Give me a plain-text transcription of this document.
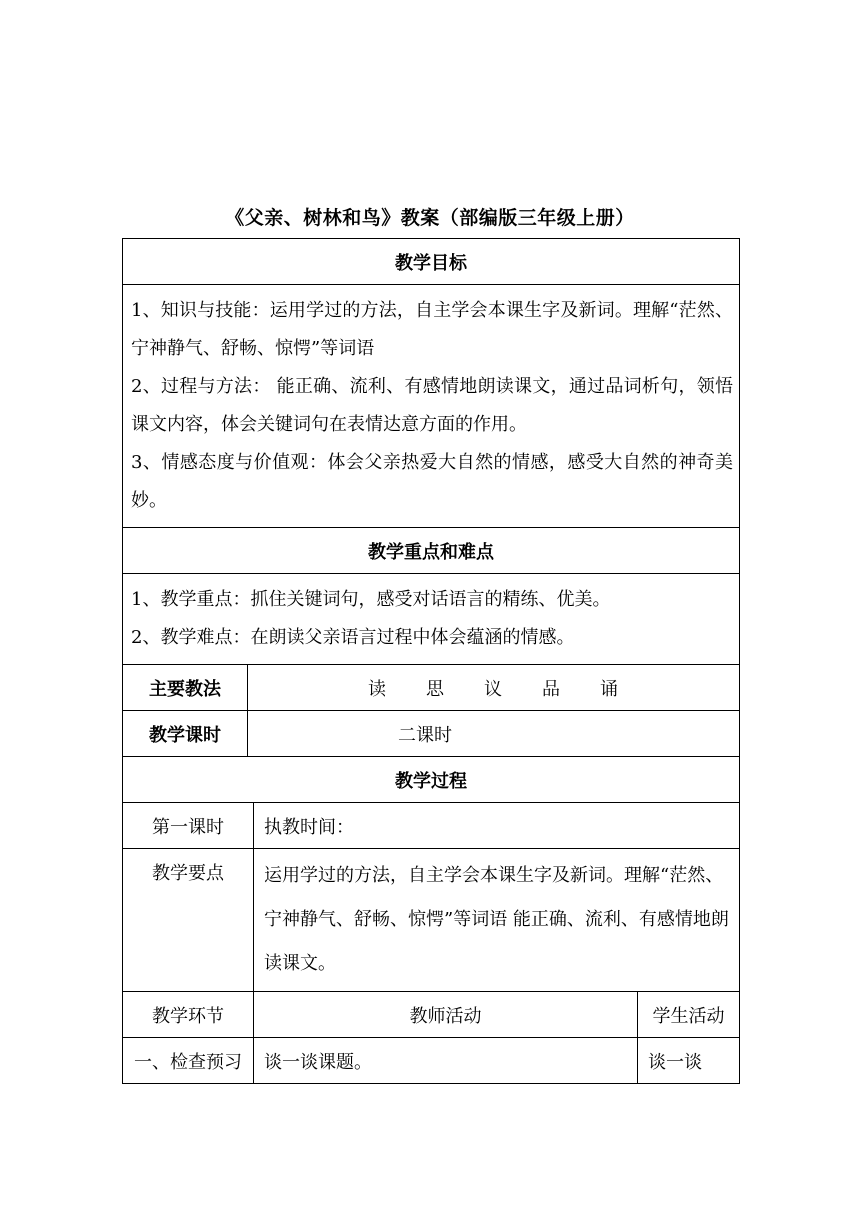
《父亲、树林和鸟》教案（部编版三年级上册）
教学目标			

1、知识与技能：运用学过的方法，自主学会本课生字及新词。理解“茫然、宁神静气、舒畅、惊愕”等词语

2、过程与方法： 能正确、流利、有感情地朗读课文，通过品词析句，领悟课文内容，体会关键词句在表情达意方面的作用。

3、情感态度与价值观：体会父亲热爱大自然的情感，感受大自然的神奇美妙。			

教学重点和难点			

1、教学重点：抓住关键词句，感受对话语言的精练、优美。

2、教学难点：在朗读父亲语言过程中体会蕴涵的情感。			

主要教法	读 思 议 品 诵		
教学课时	二课时		
教学过程			
第一课时		执教时间：	
教学要点		运用学过的方法，自主学会本课生字及新词。理解“茫然、宁神静气、舒畅、惊愕”等词语 能正确、流利、有感情地朗读课文。	
教学环节		教师活动	学生活动
一、检查预习		谈一谈课题。	谈一谈
